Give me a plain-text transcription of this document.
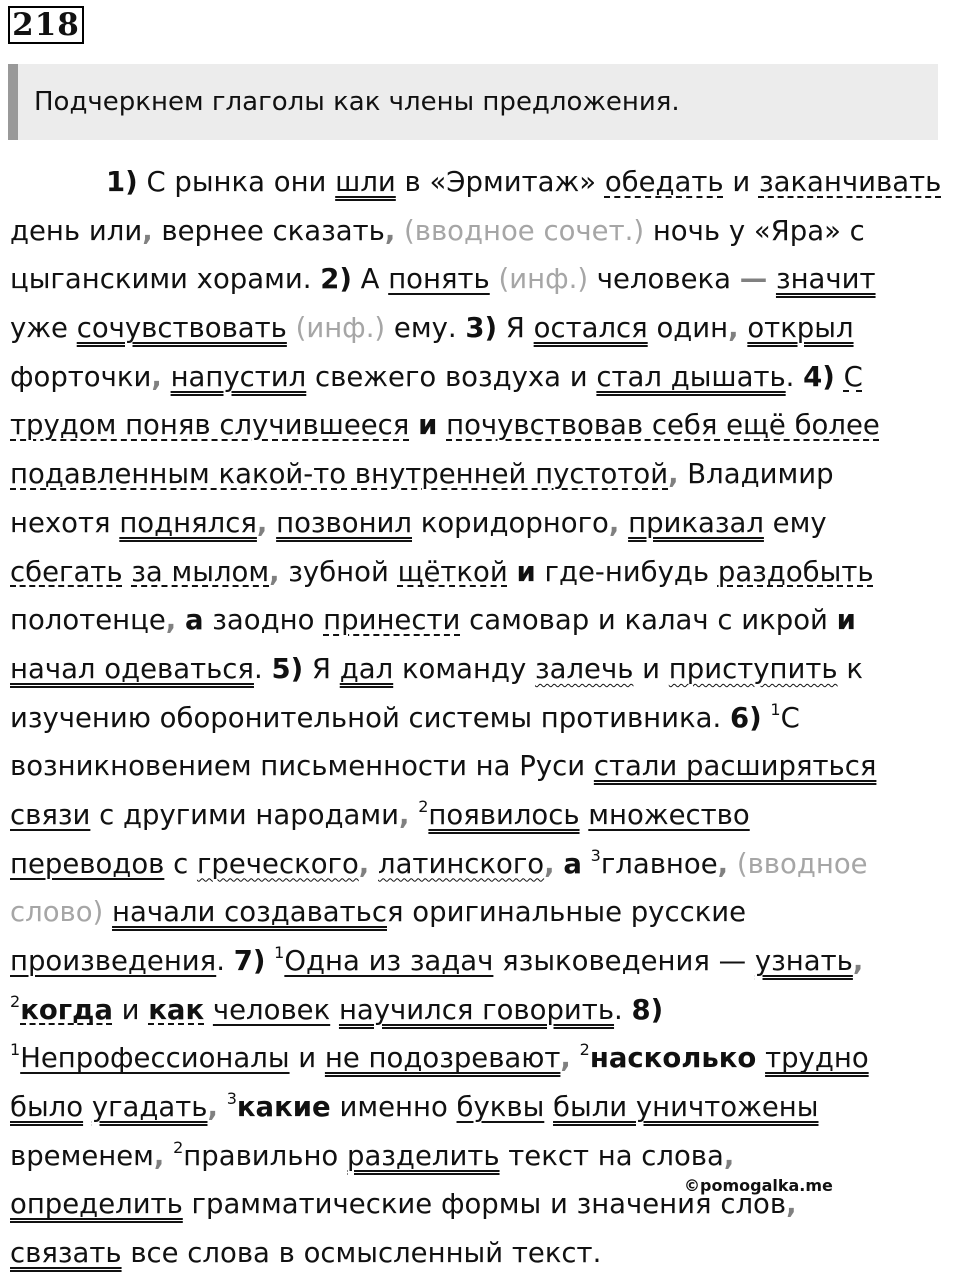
218
Подчеркнем глаголы как члены предложения.
1) С рынка они шли в «Эрмитаж» обедать и заканчивать
день или, вернее сказать, (вводное сочет.) ночь у «Яра» с
цыганскими хорами. 2) А понять (инф.) человека — значит
уже сочувствовать (инф.) ему. 3) Я остался один, открыл
форточки, напустил свежего воздуха и стал дышать. 4) С
трудом поняв случившееся и почувствовав себя ещё более
подавленным какой-то внутренней пустотой, Владимир
нехотя поднялся, позвонил коридорного, приказал ему
сбегать за мылом, зубной щёткой и где-нибудь раздобыть
полотенце, а заодно принести самовар и калач с икрой и
начал одеваться. 5) Я дал команду залечь и приступить к
изучению оборонительной системы противника. 6) $^1$С
возникновением письменности на Руси стали расширяться
связи с другими народами, $^2$появилось множество
переводов с греческого, латинского, а $^3$главное, (вводное
слово) начали создаваться оригинальные русские
произведения. 7) $^1$Одна из задач языковедения — узнать,
$^2$когда и как человек научился говорить. 8)
$^1$Непрофессионалы и не подозревают, $^2$насколько трудно
было угадать, $^3$какие именно буквы были уничтожены
временем, $^2$правильно разделить текст на слова,
определить грамматические формы и значения слов,
связать все слова в осмысленный текст.
©pomogalka.me
